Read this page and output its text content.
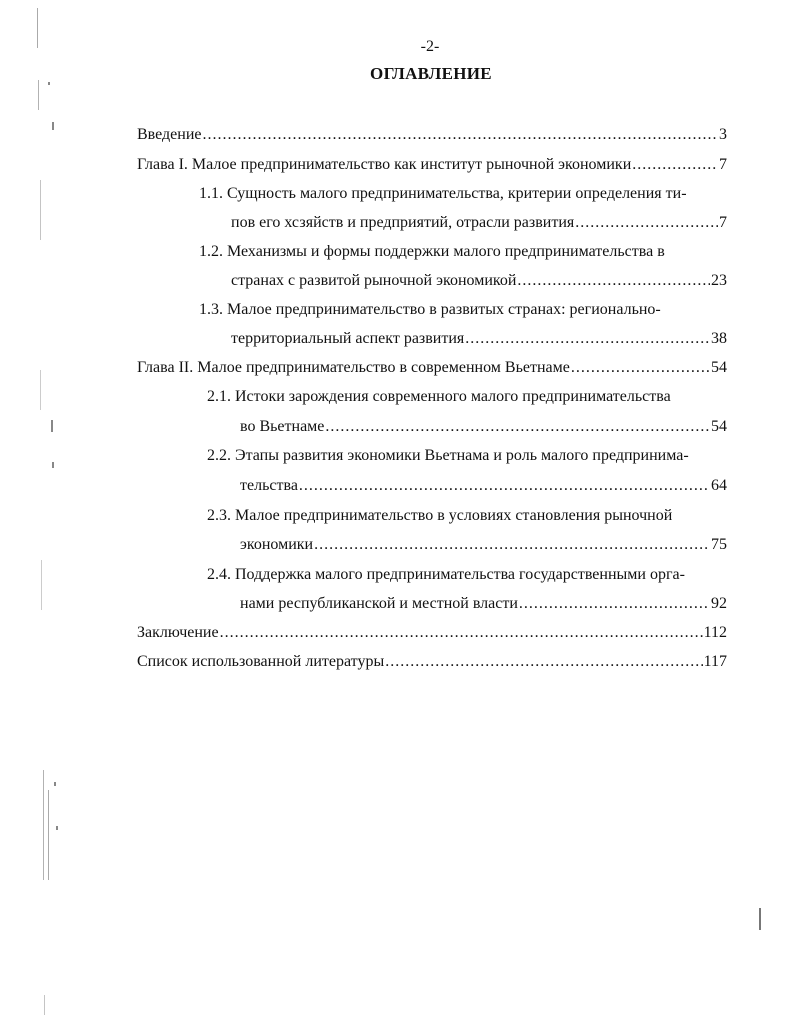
-2-
ОГЛАВЛЕНИЕ
Введение .....	3
Глава I. Малое предпринимательство как институт рыночной экономики .....	7
1.1. Сущность малого предпринимательства, критерии определения ти-
пов его хсзяйств и предприятий, отрасли развития .....	7
1.2. Механизмы и формы поддержки малого предпринимательства в
странах с развитой рыночной экономикой .....	23
1.3. Малое предпринимательство в развитых странах: регионально-
территориальный аспект развития .....	38
Глава II. Малое предпринимательство в современном Вьетнаме .....	54
2.1. Истоки зарождения современного малого предпринимательства
во Вьетнаме .....	54
2.2. Этапы развития экономики Вьетнама и роль малого предпринима-
тельства .....	64
2.3. Малое предпринимательство в условиях становления рыночной
экономики .....	75
2.4. Поддержка малого предпринимательства государственными орга-
нами республиканской и местной власти .....	92
Заключение .....	112
Список использованной литературы .....	117
